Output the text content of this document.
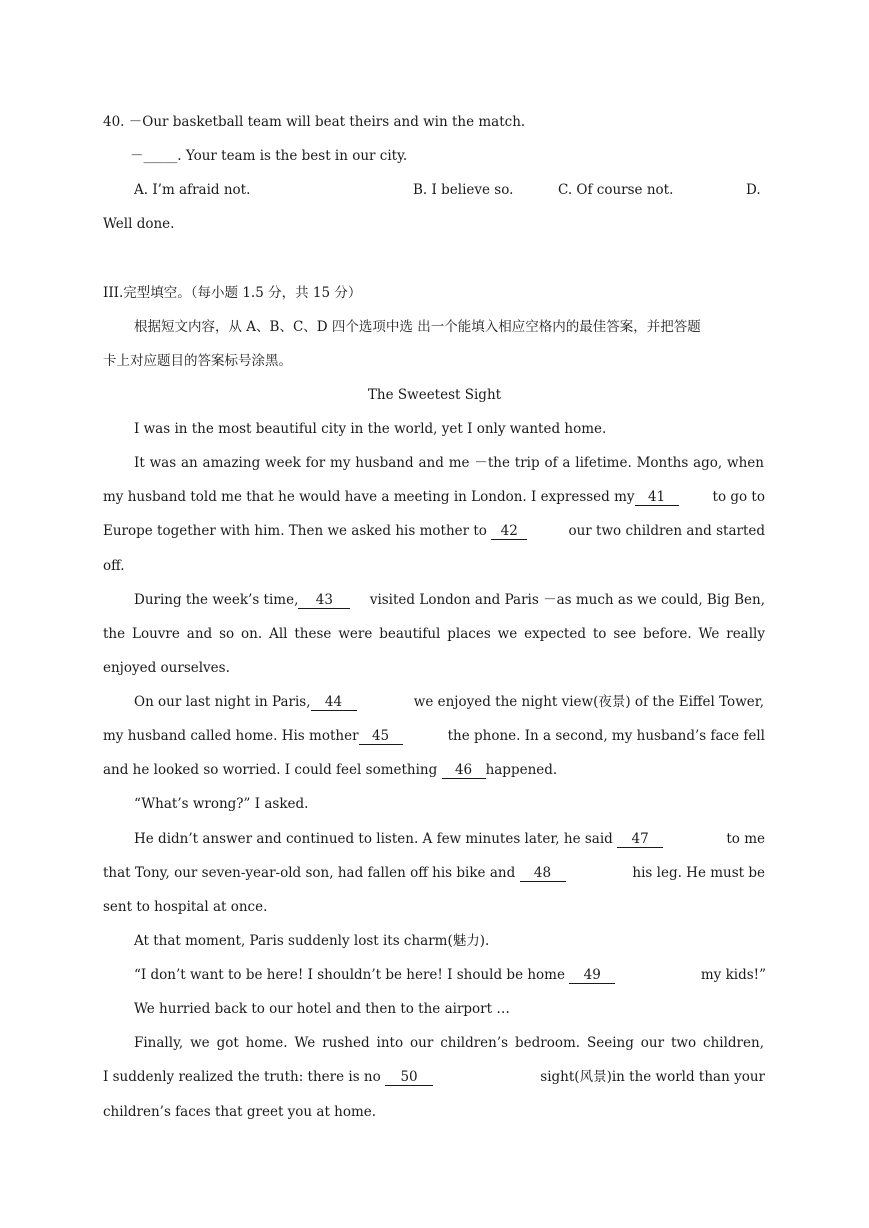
40. －Our basketball team will beat theirs and win the match.
－_____. Your team is the best in our city.
A. I’m afraid not.	B. I believe so.	C. Of course not.	D.
Well done.
III.完型填空。（每小题 1.5 分，共 15 分）
根据短文内容，从 A、B、C、D 四个选项中选 出一个能填入相应空格内的最佳答案，并把答题
卡上对应题目的答案标号涂黑。
The Sweetest Sight
I was in the most beautiful city in the world, yet I only wanted home.
It was an amazing week for my husband and me －the trip of a lifetime. Months ago, when
my husband told me that he would have a meeting in London. I expressed my 41	to go to
Europe together with him. Then we asked his mother to 42	our two children and started
off.
During the week’s time, 43	visited London and Paris －as much as we could, Big Ben,
the Louvre and so on. All these were beautiful places we expected to see before. We really
enjoyed ourselves.
On our last night in Paris, 44	we enjoyed the night view(夜景) of the Eiffel Tower,
my husband called home. His mother 45	the phone. In a second, my husband’s face fell
and he looked so worried. I could feel something 46 happened.
“What’s wrong?” I asked.
He didn’t answer and continued to listen. A few minutes later, he said 47	to me
that Tony, our seven-year-old son, had fallen off his bike and 48	his leg. He must be
sent to hospital at once.
At that moment, Paris suddenly lost its charm(魅力).
“I don’t want to be here! I shouldn’t be here! I should be home 49	my kids!”
We hurried back to our hotel and then to the airport …
Finally, we got home. We rushed into our children’s bedroom. Seeing our two children,
I suddenly realized the truth: there is no 50	sight(风景)in the world than your
children’s faces that greet you at home.
